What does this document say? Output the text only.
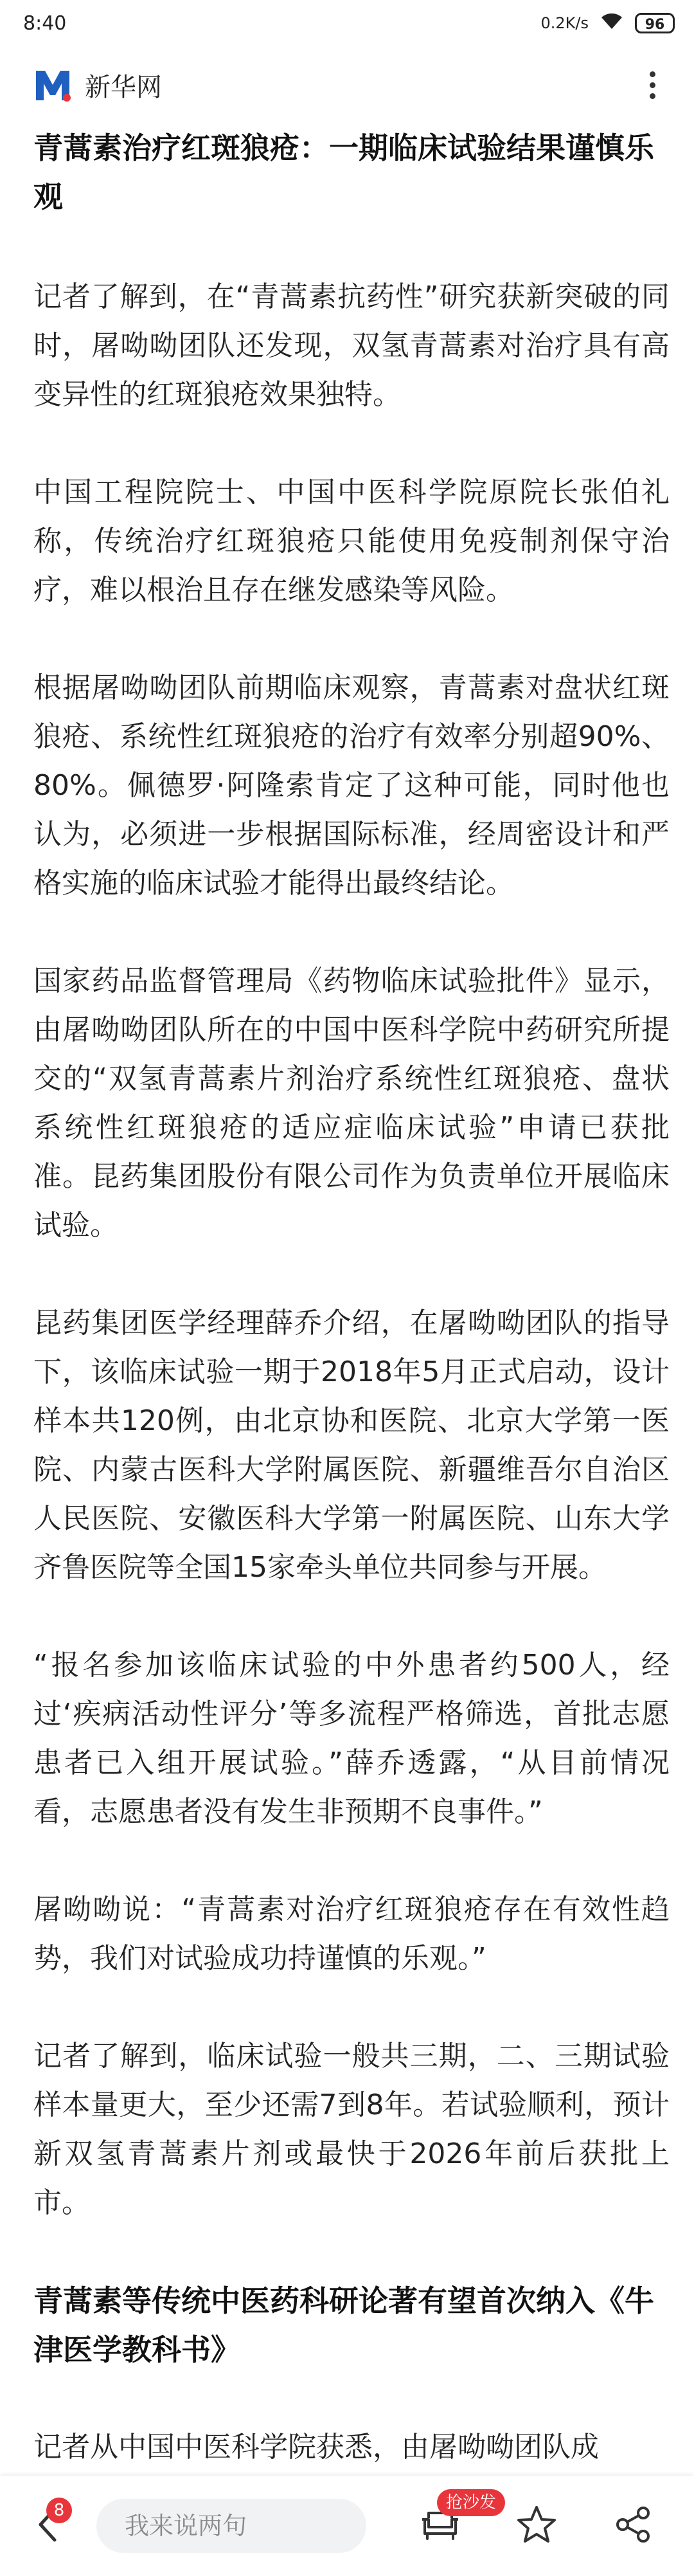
8:40	0.2K/s	96
新华网
青蒿素治疗红斑狼疮：一期临床试验结果谨慎乐观

记者了解到，在“青蒿素抗药性”研究获新突破的同时，屠呦呦团队还发现，双氢青蒿素对治疗具有高变异性的红斑狼疮效果独特。

中国工程院院士、中国中医科学院原院长张伯礼称，传统治疗红斑狼疮只能使用免疫制剂保守治疗，难以根治且存在继发感染等风险。

根据屠呦呦团队前期临床观察，青蒿素对盘状红斑狼疮、系统性红斑狼疮的治疗有效率分别超90%、80%。佩德罗·阿隆索肯定了这种可能，同时他也认为，必须进一步根据国际标准，经周密设计和严格实施的临床试验才能得出最终结论。

国家药品监督管理局《药物临床试验批件》显示，由屠呦呦团队所在的中国中医科学院中药研究所提交的“双氢青蒿素片剂治疗系统性红斑狼疮、盘状系统性红斑狼疮的适应症临床试验”申请已获批准。昆药集团股份有限公司作为负责单位开展临床试验。

昆药集团医学经理薛乔介绍，在屠呦呦团队的指导下，该临床试验一期于2018年5月正式启动，设计样本共120例，由北京协和医院、北京大学第一医院、内蒙古医科大学附属医院、新疆维吾尔自治区人民医院、安徽医科大学第一附属医院、山东大学齐鲁医院等全国15家牵头单位共同参与开展。

“报名参加该临床试验的中外患者约500人，经过‘疾病活动性评分’等多流程严格筛选，首批志愿患者已入组开展试验。”薛乔透露，“从目前情况看，志愿患者没有发生非预期不良事件。”

屠呦呦说：“青蒿素对治疗红斑狼疮存在有效性趋势，我们对试验成功持谨慎的乐观。”

记者了解到，临床试验一般共三期，二、三期试验样本量更大，至少还需7到8年。若试验顺利，预计新双氢青蒿素片剂或最快于2026年前后获批上市。

青蒿素等传统中医药科研论著有望首次纳入《牛津医学教科书》

记者从中国中医科学院获悉，由屠呦呦团队成

8
我来说两句	抢沙发
